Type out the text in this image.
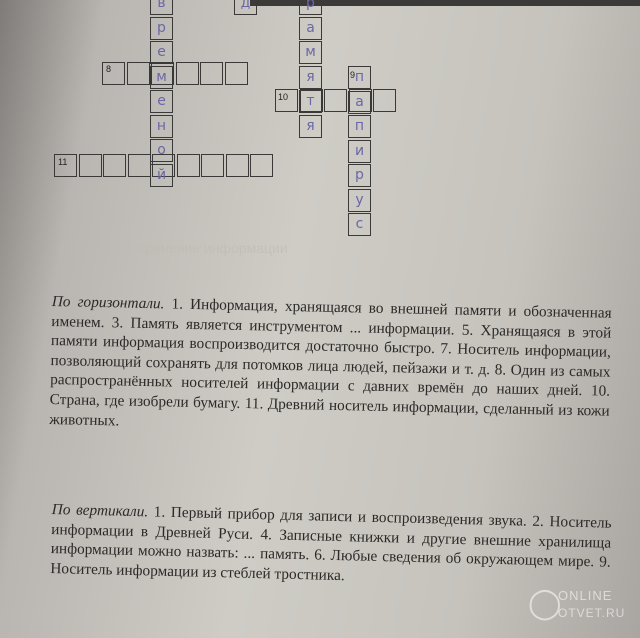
8
9
10
11
в
р
е
м
е
н
о
й
д	р
а
м
я
т
я
п
а
п
и
р
у
с
6) Группа 5 Хранение информации
По горизонтали. 1. Информация, хранящаяся во внешней памяти и обозначенная именем. 3. Память является инструментом ... информации. 5. Хранящаяся в этой памяти информация воспроизводится достаточно быстро. 7. Носитель информации, позволяющий сохранять для потомков лица людей, пейзажи и т. д. 8. Один из самых распространённых носителей информации с давних времён до наших дней. 10. Страна, где изобрели бумагу. 11. Древний носитель информации, сделанный из кожи животных.
По вертикали. 1. Первый прибор для записи и воспроизведения звука. 2. Носитель информации в Древней Руси. 4. Записные книжки и другие внешние хранилища информации можно назвать: ... память. 6. Любые сведения об окружающем мире. 9. Носитель информации из стеблей тростника.
◯
ONLINE
OTVET.RU
